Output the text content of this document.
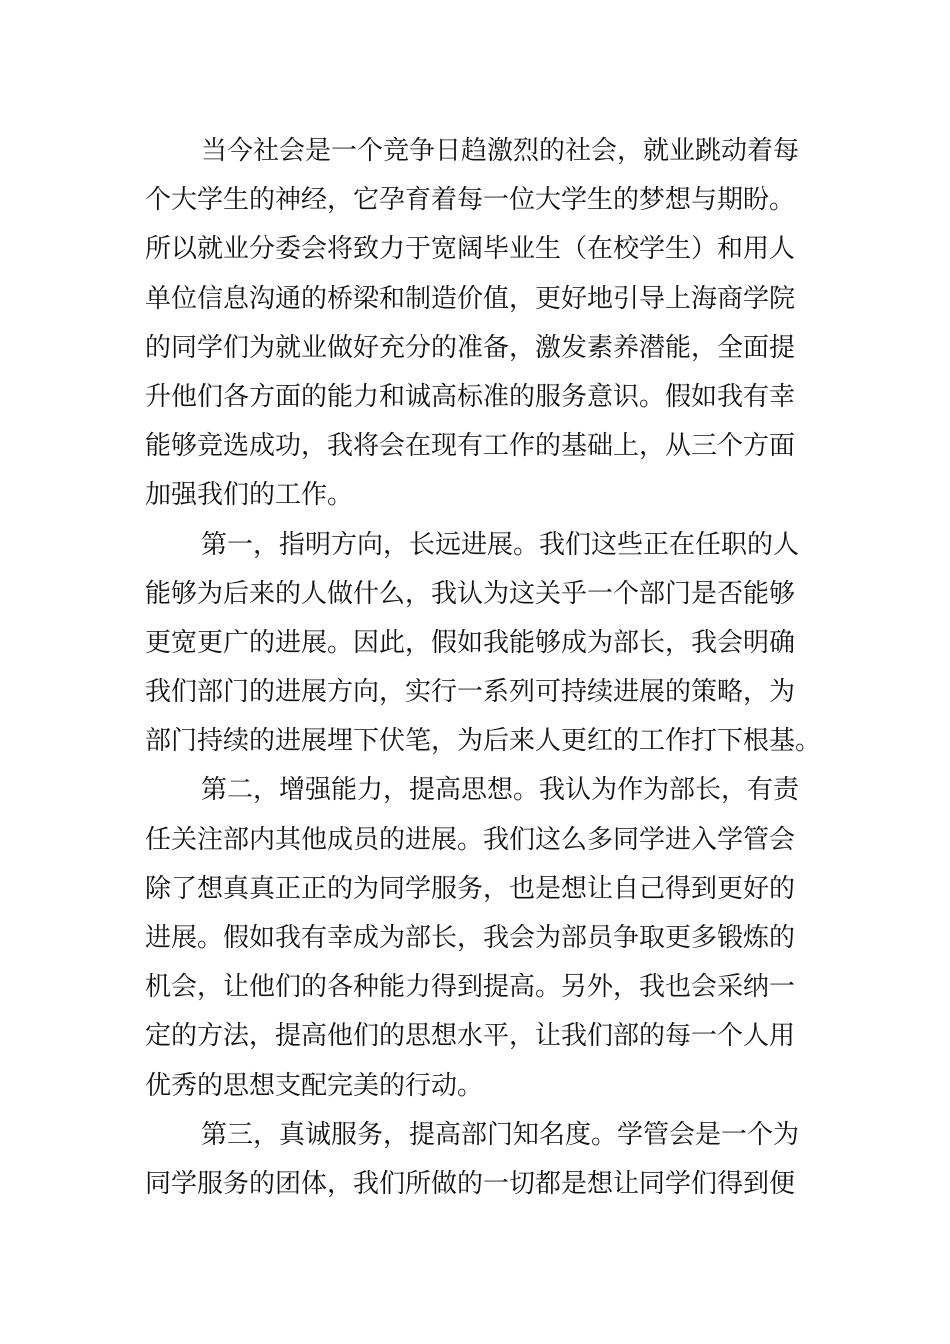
当今社会是一个竞争日趋激烈的社会，就业跳动着每
个大学生的神经，它孕育着每一位大学生的梦想与期盼。
所以就业分委会将致力于宽阔毕业生（在校学生）和用人
单位信息沟通的桥梁和制造价值，更好地引导上海商学院
的同学们为就业做好充分的准备，激发素养潜能，全面提
升他们各方面的能力和诚高标准的服务意识。假如我有幸
能够竞选成功，我将会在现有工作的基础上，从三个方面
加强我们的工作。
第一，指明方向，长远进展。我们这些正在任职的人
能够为后来的人做什么，我认为这关乎一个部门是否能够
更宽更广的进展。因此，假如我能够成为部长，我会明确
我们部门的进展方向，实行一系列可持续进展的策略，为
部门持续的进展埋下伏笔，为后来人更红的工作打下根基。
第二，增强能力，提高思想。我认为作为部长，有责
任关注部内其他成员的进展。我们这么多同学进入学管会
除了想真真正正的为同学服务，也是想让自己得到更好的
进展。假如我有幸成为部长，我会为部员争取更多锻炼的
机会，让他们的各种能力得到提高。另外，我也会采纳一
定的方法，提高他们的思想水平，让我们部的每一个人用
优秀的思想支配完美的行动。
第三，真诚服务，提高部门知名度。学管会是一个为
同学服务的团体，我们所做的一切都是想让同学们得到便
